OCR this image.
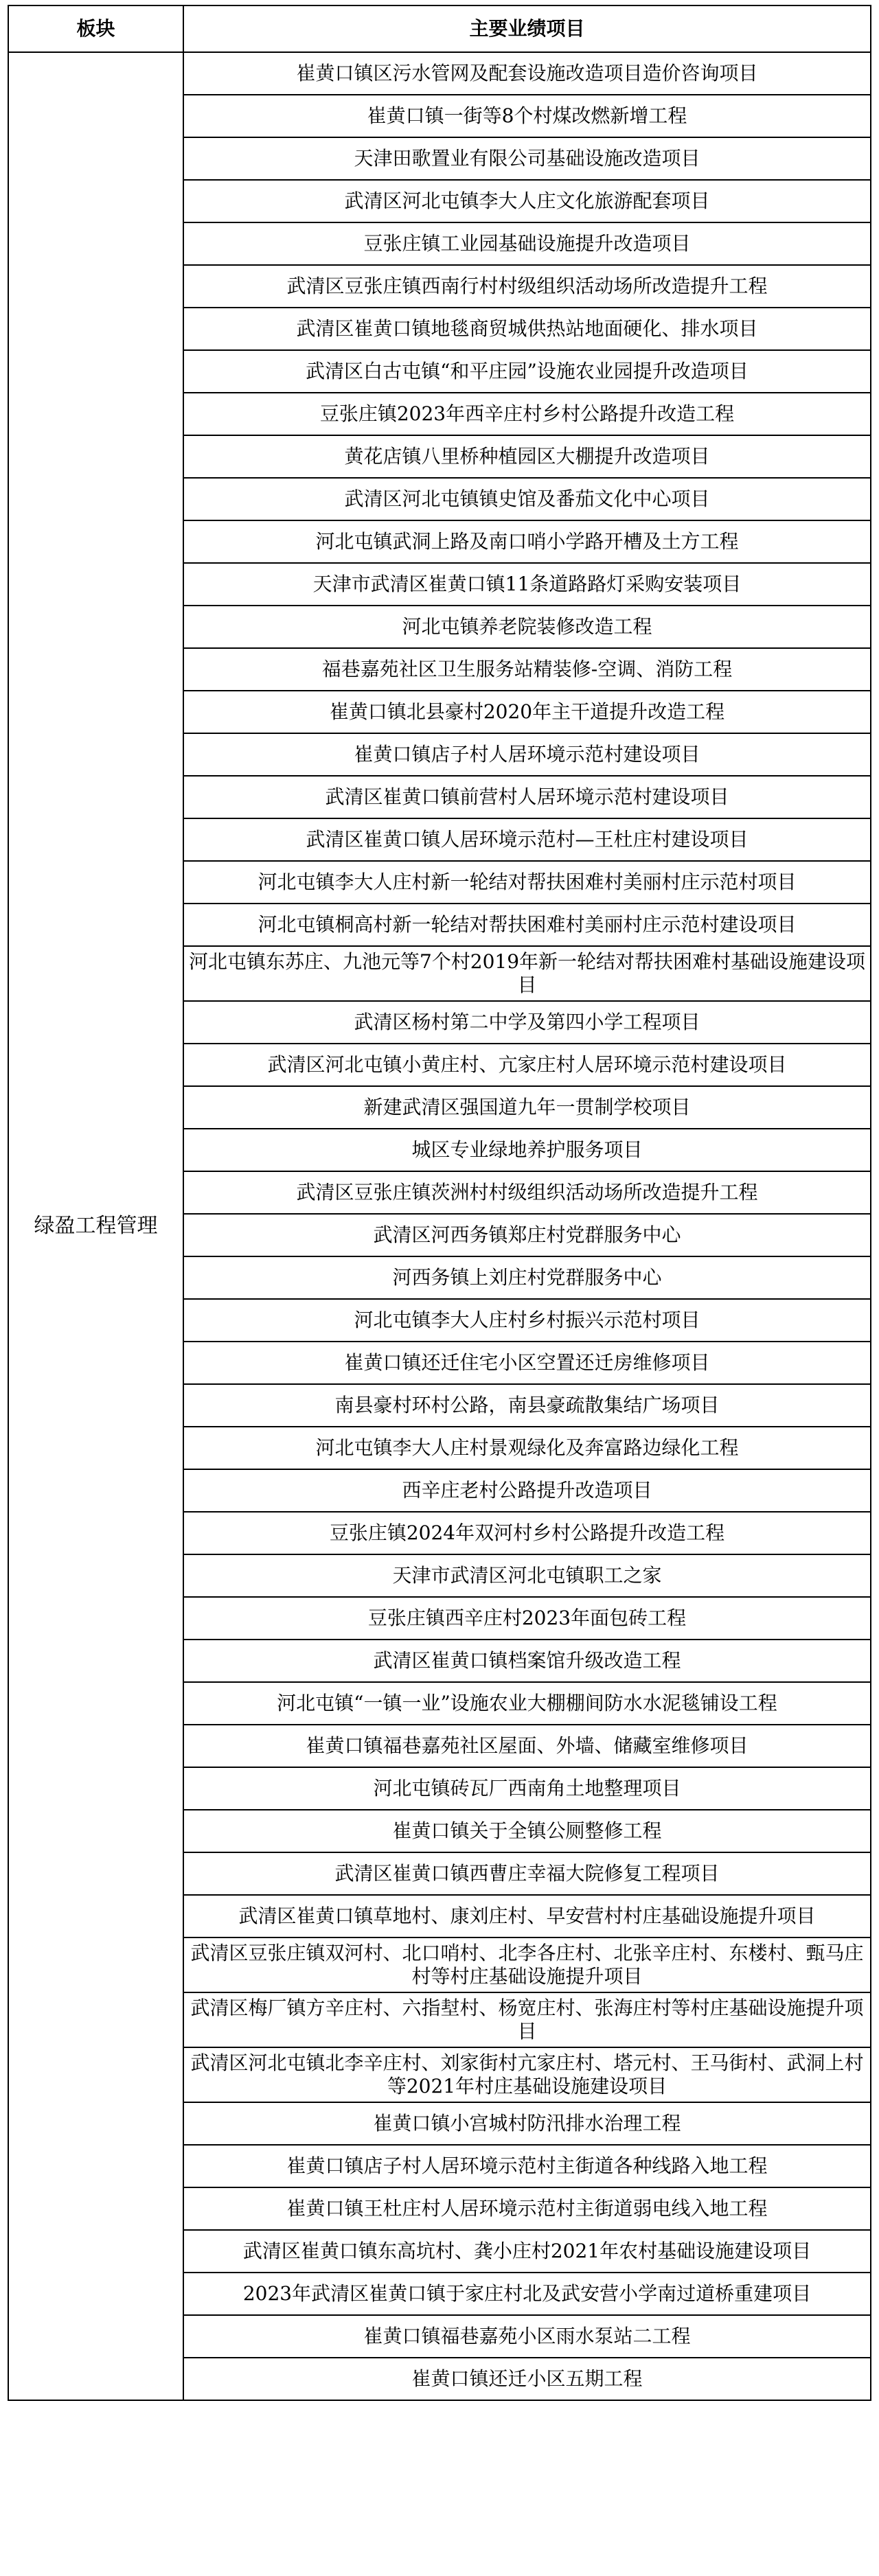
板块	主要业绩项目
绿盈工程管理	崔黄口镇区污水管网及配套设施改造项目造价咨询项目
	崔黄口镇一街等8个村煤改燃新增工程
	天津田歌置业有限公司基础设施改造项目
	武清区河北屯镇李大人庄文化旅游配套项目
	豆张庄镇工业园基础设施提升改造项目
	武清区豆张庄镇西南行村村级组织活动场所改造提升工程
	武清区崔黄口镇地毯商贸城供热站地面硬化、排水项目
	武清区白古屯镇“和平庄园”设施农业园提升改造项目
	豆张庄镇2023年西辛庄村乡村公路提升改造工程
	黄花店镇八里桥种植园区大棚提升改造项目
	武清区河北屯镇镇史馆及番茄文化中心项目
	河北屯镇武洞上路及南口哨小学路开槽及土方工程
	天津市武清区崔黄口镇11条道路路灯采购安装项目
	河北屯镇养老院装修改造工程
	福巷嘉苑社区卫生服务站精装修-空调、消防工程
	崔黄口镇北县豪村2020年主干道提升改造工程
	崔黄口镇店子村人居环境示范村建设项目
	武清区崔黄口镇前营村人居环境示范村建设项目
	武清区崔黄口镇人居环境示范村—王杜庄村建设项目
	河北屯镇李大人庄村新一轮结对帮扶困难村美丽村庄示范村项目
	河北屯镇桐高村新一轮结对帮扶困难村美丽村庄示范村建设项目
	河北屯镇东苏庄、九池元等7个村2019年新一轮结对帮扶困难村基础设施建设项目
	武清区杨村第二中学及第四小学工程项目
	武清区河北屯镇小黄庄村、亢家庄村人居环境示范村建设项目
	新建武清区强国道九年一贯制学校项目
	城区专业绿地养护服务项目
	武清区豆张庄镇茨洲村村级组织活动场所改造提升工程
	武清区河西务镇郑庄村党群服务中心
	河西务镇上刘庄村党群服务中心
	河北屯镇李大人庄村乡村振兴示范村项目
	崔黄口镇还迁住宅小区空置还迁房维修项目
	南县豪村环村公路，南县豪疏散集结广场项目
	河北屯镇李大人庄村景观绿化及奔富路边绿化工程
	西辛庄老村公路提升改造项目
	豆张庄镇2024年双河村乡村公路提升改造工程
	天津市武清区河北屯镇职工之家
	豆张庄镇西辛庄村2023年面包砖工程
	武清区崔黄口镇档案馆升级改造工程
	河北屯镇“一镇一业”设施农业大棚棚间防水水泥毯铺设工程
	崔黄口镇福巷嘉苑社区屋面、外墙、储藏室维修项目
	河北屯镇砖瓦厂西南角土地整理项目
	崔黄口镇关于全镇公厕整修工程
	武清区崔黄口镇西曹庄幸福大院修复工程项目
	武清区崔黄口镇草地村、康刘庄村、早安营村村庄基础设施提升项目
	武清区豆张庄镇双河村、北口哨村、北李各庄村、北张辛庄村、东楼村、甄马庄村等村庄基础设施提升项目
	武清区梅厂镇方辛庄村、六指堼村、杨宽庄村、张海庄村等村庄基础设施提升项目
	武清区河北屯镇北李辛庄村、刘家街村亢家庄村、塔元村、王马街村、武洞上村等2021年村庄基础设施建设项目
	崔黄口镇小宫城村防汛排水治理工程
	崔黄口镇店子村人居环境示范村主街道各种线路入地工程
	崔黄口镇王杜庄村人居环境示范村主街道弱电线入地工程
	武清区崔黄口镇东高坑村、龚小庄村2021年农村基础设施建设项目
	2023年武清区崔黄口镇于家庄村北及武安营小学南过道桥重建项目
	崔黄口镇福巷嘉苑小区雨水泵站二工程
	崔黄口镇还迁小区五期工程
